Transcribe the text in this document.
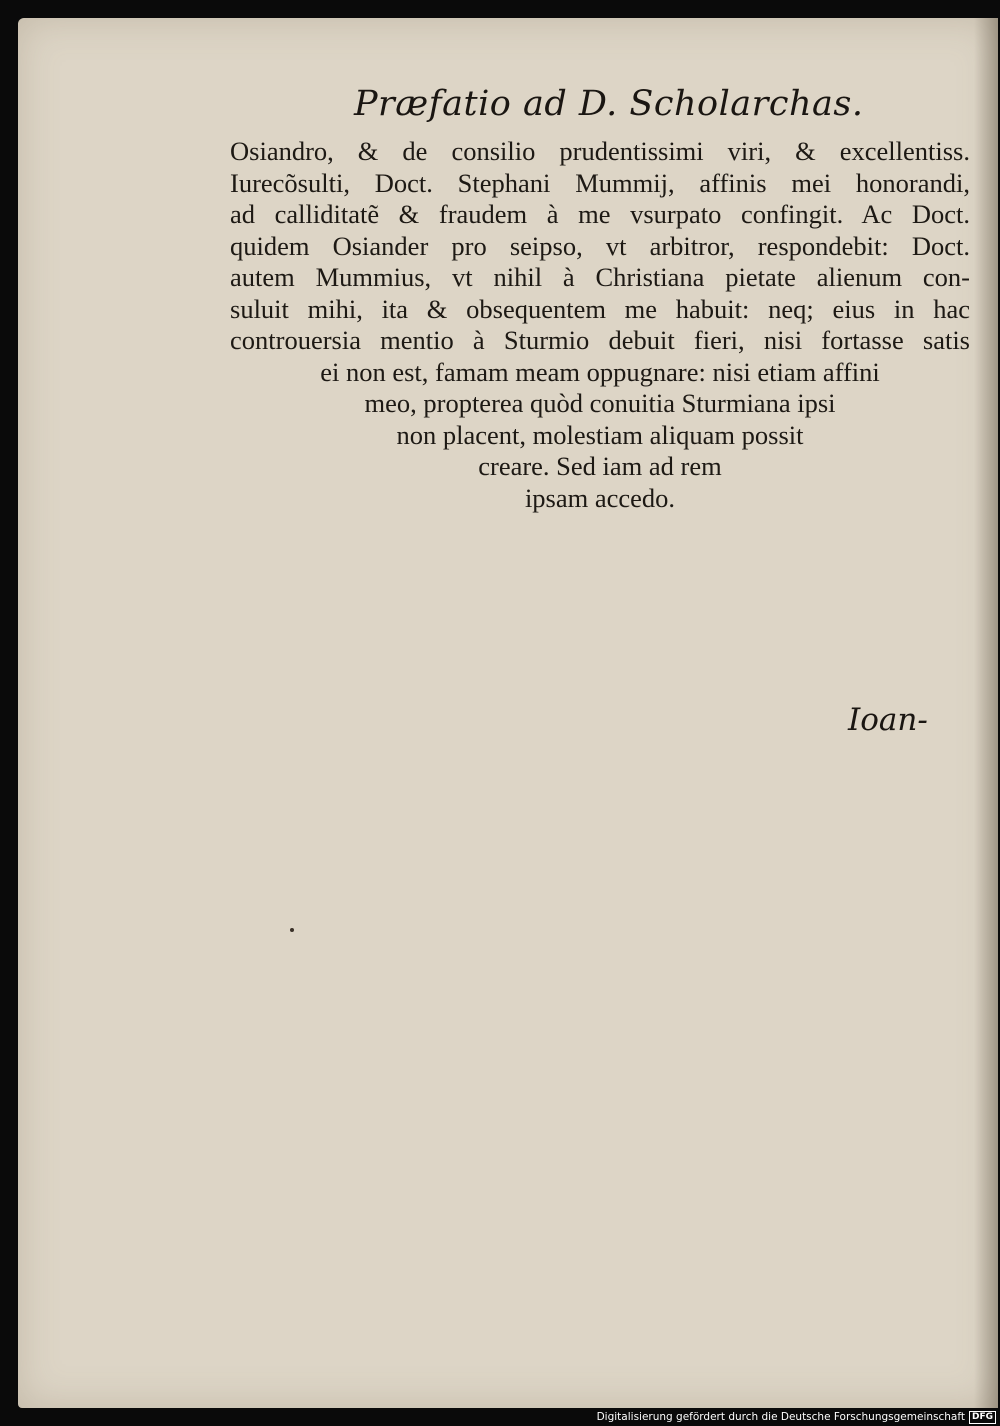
Præfatio ad D. Scholarchas.
Osiandro, & de consilio prudentissimi viri, & excellentiss.
Iurecõsulti, Doct. Stephani Mummij, affinis mei honorandi,
ad calliditatẽ & fraudem à me vsurpato confingit. Ac Doct.
quidem Osiander pro seipso, vt arbitror, respondebit: Doct.
autem Mummius, vt nihil à Christiana pietate alienum con-
suluit mihi, ita & obsequentem me habuit: neq; eius in hac
controuersia mentio à Sturmio debuit fieri, nisi fortasse satis
ei non est, famam meam oppugnare: nisi etiam affini
meo, propterea quòd conuitia Sturmiana ipsi
non placent, molestiam aliquam possit
creare. Sed iam ad rem
ipsam accedo.
Ioan-
Digitalisierung gefördert durch die Deutsche Forschungsgemeinschaft DFG
